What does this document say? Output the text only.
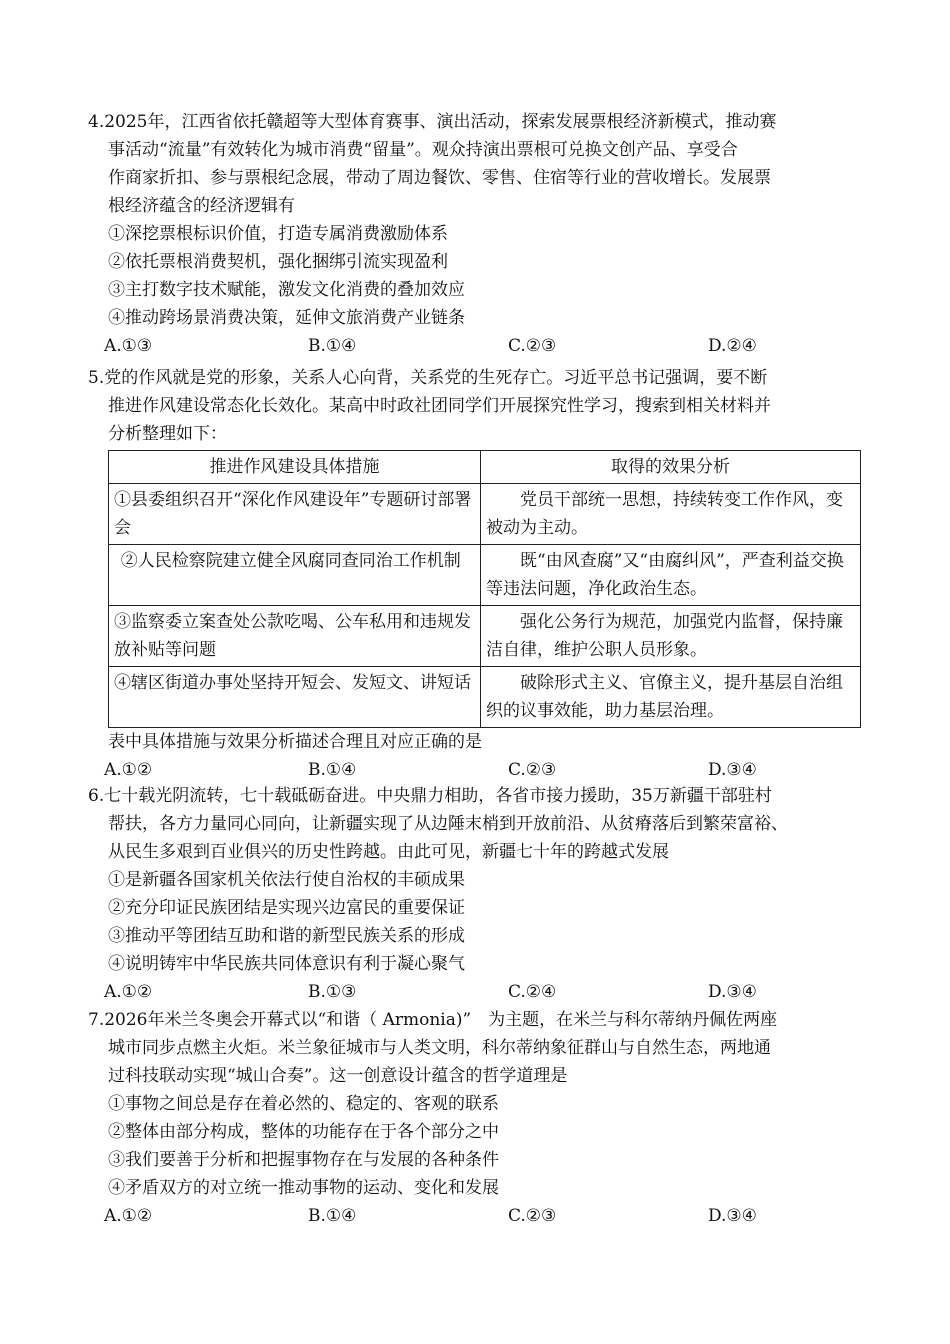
4.2025年，江西省依托赣超等大型体育赛事、演出活动，探索发展票根经济新模式，推动赛
事活动“流量”有效转化为城市消费“留量”。观众持演出票根可兑换文创产品、享受合
作商家折扣、参与票根纪念展，带动了周边餐饮、零售、住宿等行业的营收增长。发展票
根经济蕴含的经济逻辑有
①深挖票根标识价值，打造专属消费激励体系
②依托票根消费契机，强化捆绑引流实现盈利
③主打数字技术赋能，激发文化消费的叠加效应
④推动跨场景消费决策，延伸文旅消费产业链条
A.①③	B.①④	C.②③	D.②④
5.党的作风就是党的形象，关系人心向背，关系党的生死存亡。习近平总书记强调，要不断
推进作风建设常态化长效化。某高中时政社团同学们开展探究性学习，搜索到相关材料并
分析整理如下：
推进作风建设具体措施	取得的效果分析
①县委组织召开“深化作风建设年”专题研讨部署会	党员干部统一思想，持续转变工作作风，变被动为主动。
②人民检察院建立健全风腐同查同治工作机制	既“由风查腐”又“由腐纠风”，严查利益交换等违法问题，净化政治生态。
③监察委立案查处公款吃喝、公车私用和违规发放补贴等问题	强化公务行为规范，加强党内监督，保持廉洁自律，维护公职人员形象。
④辖区街道办事处坚持开短会、发短文、讲短话	破除形式主义、官僚主义，提升基层自治组织的议事效能，助力基层治理。
表中具体措施与效果分析描述合理且对应正确的是
A.①②	B.①④	C.②③	D.③④
6.七十载光阴流转，七十载砥砺奋进。中央鼎力相助，各省市接力援助，35万新疆干部驻村
帮扶，各方力量同心同向，让新疆实现了从边陲末梢到开放前沿、从贫瘠落后到繁荣富裕、
从民生多艰到百业俱兴的历史性跨越。由此可见，新疆七十年的跨越式发展
①是新疆各国家机关依法行使自治权的丰硕成果
②充分印证民族团结是实现兴边富民的重要保证
③推动平等团结互助和谐的新型民族关系的形成
④说明铸牢中华民族共同体意识有利于凝心聚气
A.①②	B.①③	C.②④	D.③④
7.2026年米兰冬奥会开幕式以“和谐（ Armonia)”　为主题，在米兰与科尔蒂纳丹佩佐两座
城市同步点燃主火炬。米兰象征城市与人类文明，科尔蒂纳象征群山与自然生态，两地通
过科技联动实现“城山合奏”。这一创意设计蕴含的哲学道理是
①事物之间总是存在着必然的、稳定的、客观的联系
②整体由部分构成，整体的功能存在于各个部分之中
③我们要善于分析和把握事物存在与发展的各种条件
④矛盾双方的对立统一推动事物的运动、变化和发展
A.①②	B.①④	C.②③	D.③④
